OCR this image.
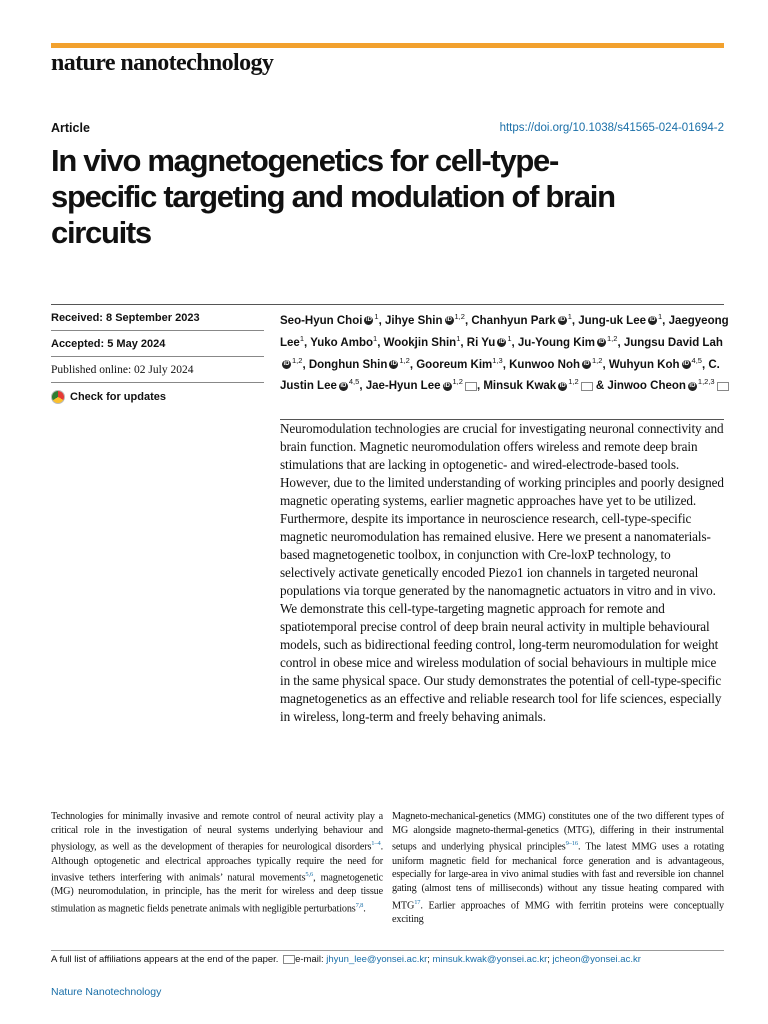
nature nanotechnology
Article	https://doi.org/10.1038/s41565-024-01694-2
In vivo magnetogenetics for cell-type-specific targeting and modulation of brain circuits
Received: 8 September 2023
Accepted: 5 May 2024
Published online: 02 July 2024
Check for updates
Seo-Hyun Choi iD $^1$, Jihye Shin iD $^{1,2}$, Chanhyun Park iD $^1$, Jung-uk Lee iD $^1$, Jaegyeong Lee$^1$, Yuko Ambo$^1$, Wookjin Shin$^1$, Ri Yu iD $^1$, Ju-Young Kim iD $^{1,2}$, Jungsu David LahiD $^{1,2}$, Donghun Shin iD $^{1,2}$, Gooreum Kim$^{1,3}$, Kunwoo Noh iD $^{1,2}$, Wuhyun Koh iD $^{4,5}$, C. Justin Lee iD $^{4,5}$, Jae-Hyun Lee iD $^{1,2}$ , Minsuk Kwak iD $^{1,2}$ & Jinwoo Cheon iD $^{1,2,3}$

Neuromodulation technologies are crucial for investigating neuronal connectivity and brain function. Magnetic neuromodulation offers wireless and remote deep brain stimulations that are lacking in optogenetic- and wired-electrode-based tools. However, due to the limited understanding of working principles and poorly designed magnetic operating systems, earlier magnetic approaches have yet to be utilized. Furthermore, despite its importance in neuroscience research, cell-type-specific magnetic neuromodulation has remained elusive. Here we present a nanomaterials-based magnetogenetic toolbox, in conjunction with Cre-loxP technology, to selectively activate genetically encoded Piezo1 ion channels in targeted neuronal populations via torque generated by the nanomagnetic actuators in vitro and in vivo. We demonstrate this cell-type-targeting magnetic approach for remote and spatiotemporal precise control of deep brain neural activity in multiple behavioural models, such as bidirectional feeding control, long-term neuromodulation for weight control in obese mice and wireless modulation of social behaviours in multiple mice in the same physical space. Our study demonstrates the potential of cell-type-specific magnetogenetics as an effective and reliable research tool for life sciences, especially in wireless, long-term and freely behaving animals.

Technologies for minimally invasive and remote control of neural activity play a critical role in the investigation of neural systems underlying behaviour and physiology, as well as the development of therapies for neurological disorders$^{1-4}$. Although optogenetic and electrical approaches typically require the need for invasive tethers interfering with animals’ natural movements$^{5,6}$, magnetogenetic (MG) neuromodulation, in principle, has the merit for wireless and deep tissue stimulation as magnetic fields penetrate animals with negligible perturbations$^{7,8}$.

Magneto-mechanical-genetics (MMG) constitutes one of the two different types of MG alongside magneto-thermal-genetics (MTG), differing in their instrumental setups and underlying physical principles$^{9-16}$. The latest MMG uses a rotating uniform magnetic field for mechanical force generation and is advantageous, especially for large-area in vivo animal studies with fast and reversible ion channel gating (almost tens of milliseconds) without any tissue heating compared with MTG$^{17}$. Earlier approaches of MMG with ferritin proteins were conceptually exciting

A full list of affiliations appears at the end of the paper. e-mail: jhyun_lee@yonsei.ac.kr; minsuk.kwak@yonsei.ac.kr; jcheon@yonsei.ac.kr
Nature Nanotechnology
